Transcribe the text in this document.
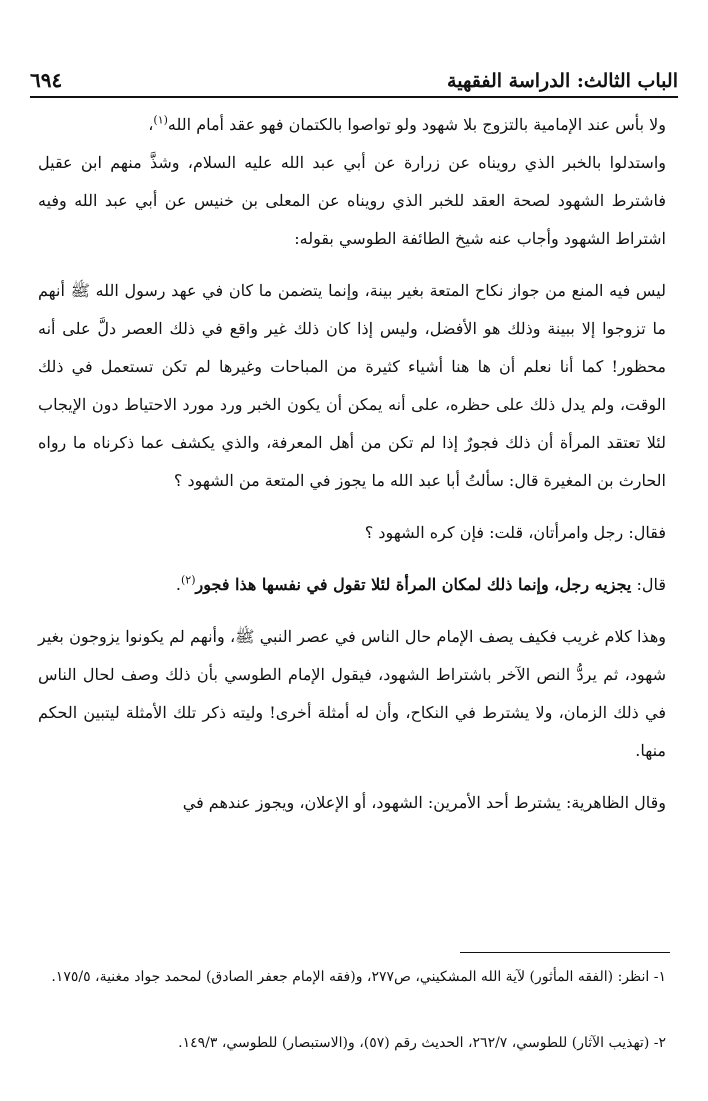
الباب الثالث: الدراسة الفقهية
٦٩٤

ولا بأس عند الإمامية بالتزوج بلا شهود ولو تواصوا بالكتمان فهو عقد أمام الله$^{(١)}$،

واستدلوا بالخبر الذي رويناه عن زرارة عن أبي عبد الله عليه السلام، وشذَّ منهم ابن عقيل فاشترط الشهود لصحة العقد للخبر الذي رويناه عن المعلى بن خنيس عن أبي عبد الله وفيه اشتراط الشهود وأجاب عنه شيخ الطائفة الطوسي بقوله:

ليس فيه المنع من جواز نكاح المتعة بغير بينة، وإنما يتضمن ما كان في عهد رسول الله ﷺ أنهم ما تزوجوا إلا ببينة وذلك هو الأفضل، وليس إذا كان ذلك غير واقع في ذلك العصر دلَّ على أنه محظور! كما أنا نعلم أن ها هنا أشياء كثيرة من المباحات وغيرها لم تكن تستعمل في ذلك الوقت، ولم يدل ذلك على حظره، على أنه يمكن أن يكون الخبر ورد مورد الاحتياط دون الإيجاب لئلا تعتقد المرأة أن ذلك فجورٌ إذا لم تكن من أهل المعرفة، والذي يكشف عما ذكرناه ما رواه الحارث بن المغيرة قال: سألتُ أبا عبد الله ما يجوز في المتعة من الشهود ؟

فقال: رجل وامرأتان، قلت: فإن كره الشهود ؟

قال: يجزيه رجل، وإنما ذلك لمكان المرأة لئلا تقول في نفسها هذا فجور$^{(٢)}$.

وهذا كلام غريب فكيف يصف الإمام حال الناس في عصر النبي ﷺ، وأنهم لم يكونوا يزوجون بغير شهود، ثم يردُّ النص الآخر باشتراط الشهود، فيقول الإمام الطوسي بأن ذلك وصف لحال الناس في ذلك الزمان، ولا يشترط في النكاح، وأن له أمثلة أخرى! وليته ذكر تلك الأمثلة ليتبين الحكم منها.

وقال الظاهرية: يشترط أحد الأمرين: الشهود، أو الإعلان، ويجوز عندهم في

١- انظر: (الفقه المأثور) لآية الله المشكيني، ص٢٧٧، و(فقه الإمام جعفر الصادق) لمحمد جواد مغنية، ١٧٥/٥.
٢- (تهذيب الآثار) للطوسي، ٢٦٢/٧، الحديث رقم (٥٧)، و(الاستبصار) للطوسي، ١٤٩/٣.
